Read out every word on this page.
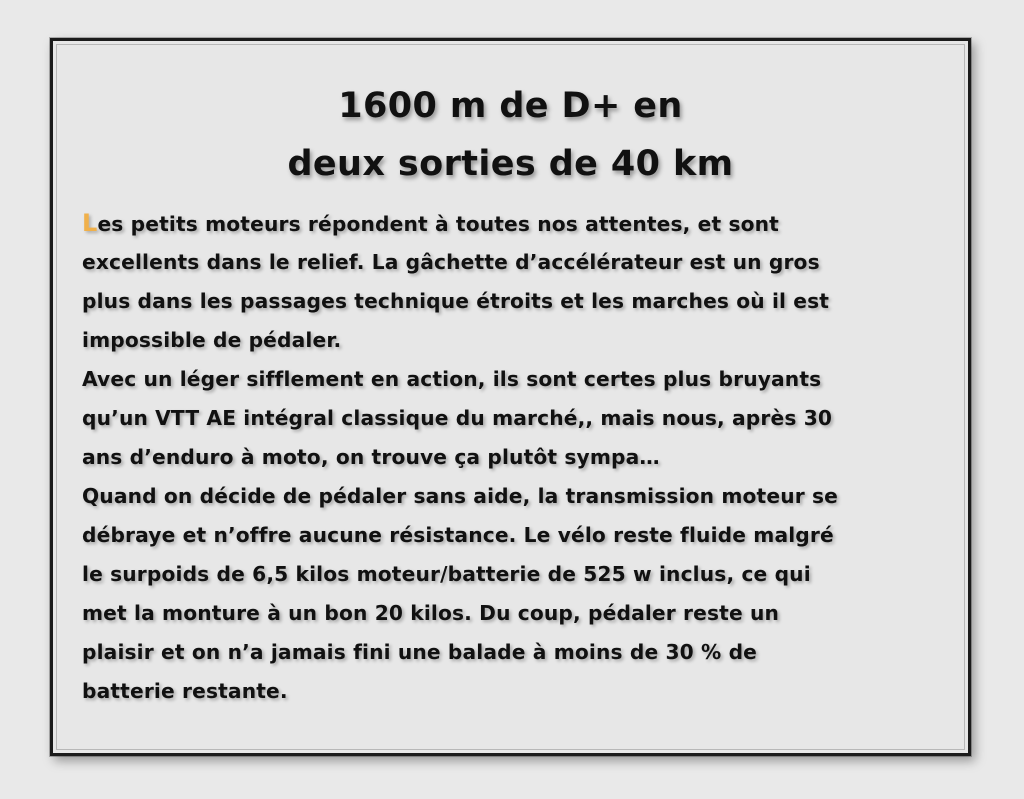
1600 m de D+ en
deux sorties de 40 km
Les petits moteurs répondent à toutes nos attentes, et sont
excellents dans le relief. La gâchette d’accélérateur est un gros
plus dans les passages technique étroits et les marches où il est
impossible de pédaler.
Avec un léger sifflement en action, ils sont certes plus bruyants
qu’un VTT AE intégral classique du marché,, mais nous, après 30
ans d’enduro à moto, on trouve ça plutôt sympa…
Quand on décide de pédaler sans aide, la transmission moteur se
débraye et n’offre aucune résistance. Le vélo reste fluide malgré
le surpoids de 6,5 kilos moteur/batterie de 525 w inclus, ce qui
met la monture à un bon 20 kilos. Du coup, pédaler reste un
plaisir et on n’a jamais fini une balade à moins de 30 % de
batterie restante.
